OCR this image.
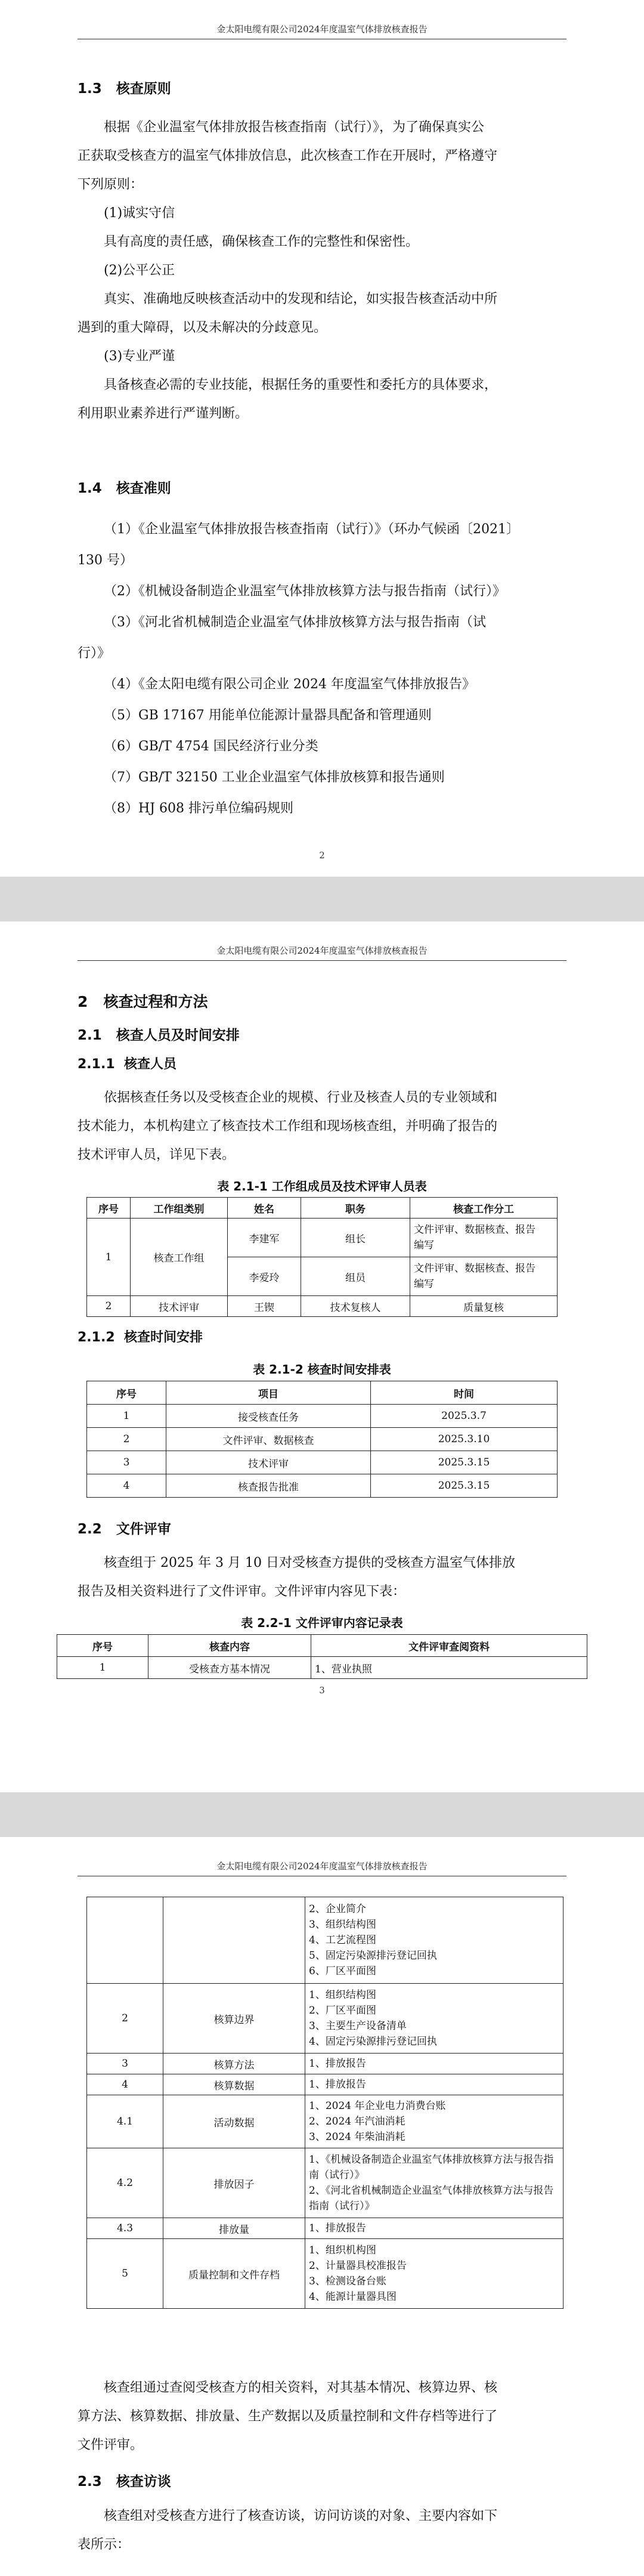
金太阳电缆有限公司2024年度温室气体排放核查报告
1.3 核查原则
根据《企业温室气体排放报告核查指南（试行）》，为了确保真实公
正获取受核查方的温室气体排放信息，此次核查工作在开展时，严格遵守
下列原则：
(1)诚实守信
具有高度的责任感，确保核查工作的完整性和保密性。
(2)公平公正
真实、准确地反映核查活动中的发现和结论，如实报告核查活动中所
遇到的重大障碍，以及未解决的分歧意见。
(3)专业严谨
具备核查必需的专业技能，根据任务的重要性和委托方的具体要求，
利用职业素养进行严谨判断。
1.4 核查准则
（1）《企业温室气体排放报告核查指南（试行）》（环办气候函〔2021〕
130 号）
（2）《机械设备制造企业温室气体排放核算方法与报告指南（试行）》
（3）《河北省机械制造企业温室气体排放核算方法与报告指南（试
行）》
（4）《金太阳电缆有限公司企业 2024 年度温室气体排放报告》
（5）GB 17167 用能单位能源计量器具配备和管理通则
（6）GB/T 4754 国民经济行业分类
（7）GB/T 32150 工业企业温室气体排放核算和报告通则
（8）HJ 608 排污单位编码规则
2
金太阳电缆有限公司2024年度温室气体排放核查报告
2 核查过程和方法
2.1 核查人员及时间安排
2.1.1 核查人员
依据核查任务以及受核查企业的规模、行业及核查人员的专业领域和
技术能力，本机构建立了核查技术工作组和现场核查组，并明确了报告的
技术评审人员，详见下表。
表 2.1-1 工作组成员及技术评审人员表
序号	工作组类别	姓名	职务	核查工作分工
1	核查工作组	李建军	组长	文件评审、数据核查、报告
编写
		李爱玲	组员	文件评审、数据核查、报告
编写
2	技术评审	王锲	技术复核人	质量复核
2.1.2 核查时间安排
表 2.1-2 核查时间安排表
序号	项目	时间
1	接受核查任务	2025.3.7
2	文件评审、数据核查	2025.3.10
3	技术评审	2025.3.15
4	核查报告批准	2025.3.15
2.2 文件评审
核查组于 2025 年 3 月 10 日对受核查方提供的受核查方温室气体排放
报告及相关资料进行了文件评审。文件评审内容见下表：
表 2.2-1 文件评审内容记录表
序号	核查内容	文件评审查阅资料
1	受核查方基本情况	1、营业执照
3
金太阳电缆有限公司2024年度温室气体排放核查报告
		2、企业简介
3、组织结构图
4、工艺流程图
5、固定污染源排污登记回执
6、厂区平面图
2	核算边界	1、组织结构图
2、厂区平面图
3、主要生产设备清单
4、固定污染源排污登记回执
3	核算方法	1、排放报告
4	核算数据	1、排放报告
4.1	活动数据	1、2024 年企业电力消费台账
2、2024 年汽油消耗
3、2024 年柴油消耗
4.2	排放因子	1、《机械设备制造企业温室气体排放核算方法与报告指南（试行）》
2、《河北省机械制造企业温室气体排放核算方法与报告指南（试行）》
4.3	排放量	1、排放报告
5	质量控制和文件存档	1、组织机构图
2、计量器具校准报告
3、检测设备台账
4、能源计量器具图
核查组通过查阅受核查方的相关资料，对其基本情况、核算边界、核
算方法、核算数据、排放量、生产数据以及质量控制和文件存档等进行了
文件评审。
2.3 核查访谈
核查组对受核查方进行了核查访谈，访问访谈的对象、主要内容如下
表所示：
